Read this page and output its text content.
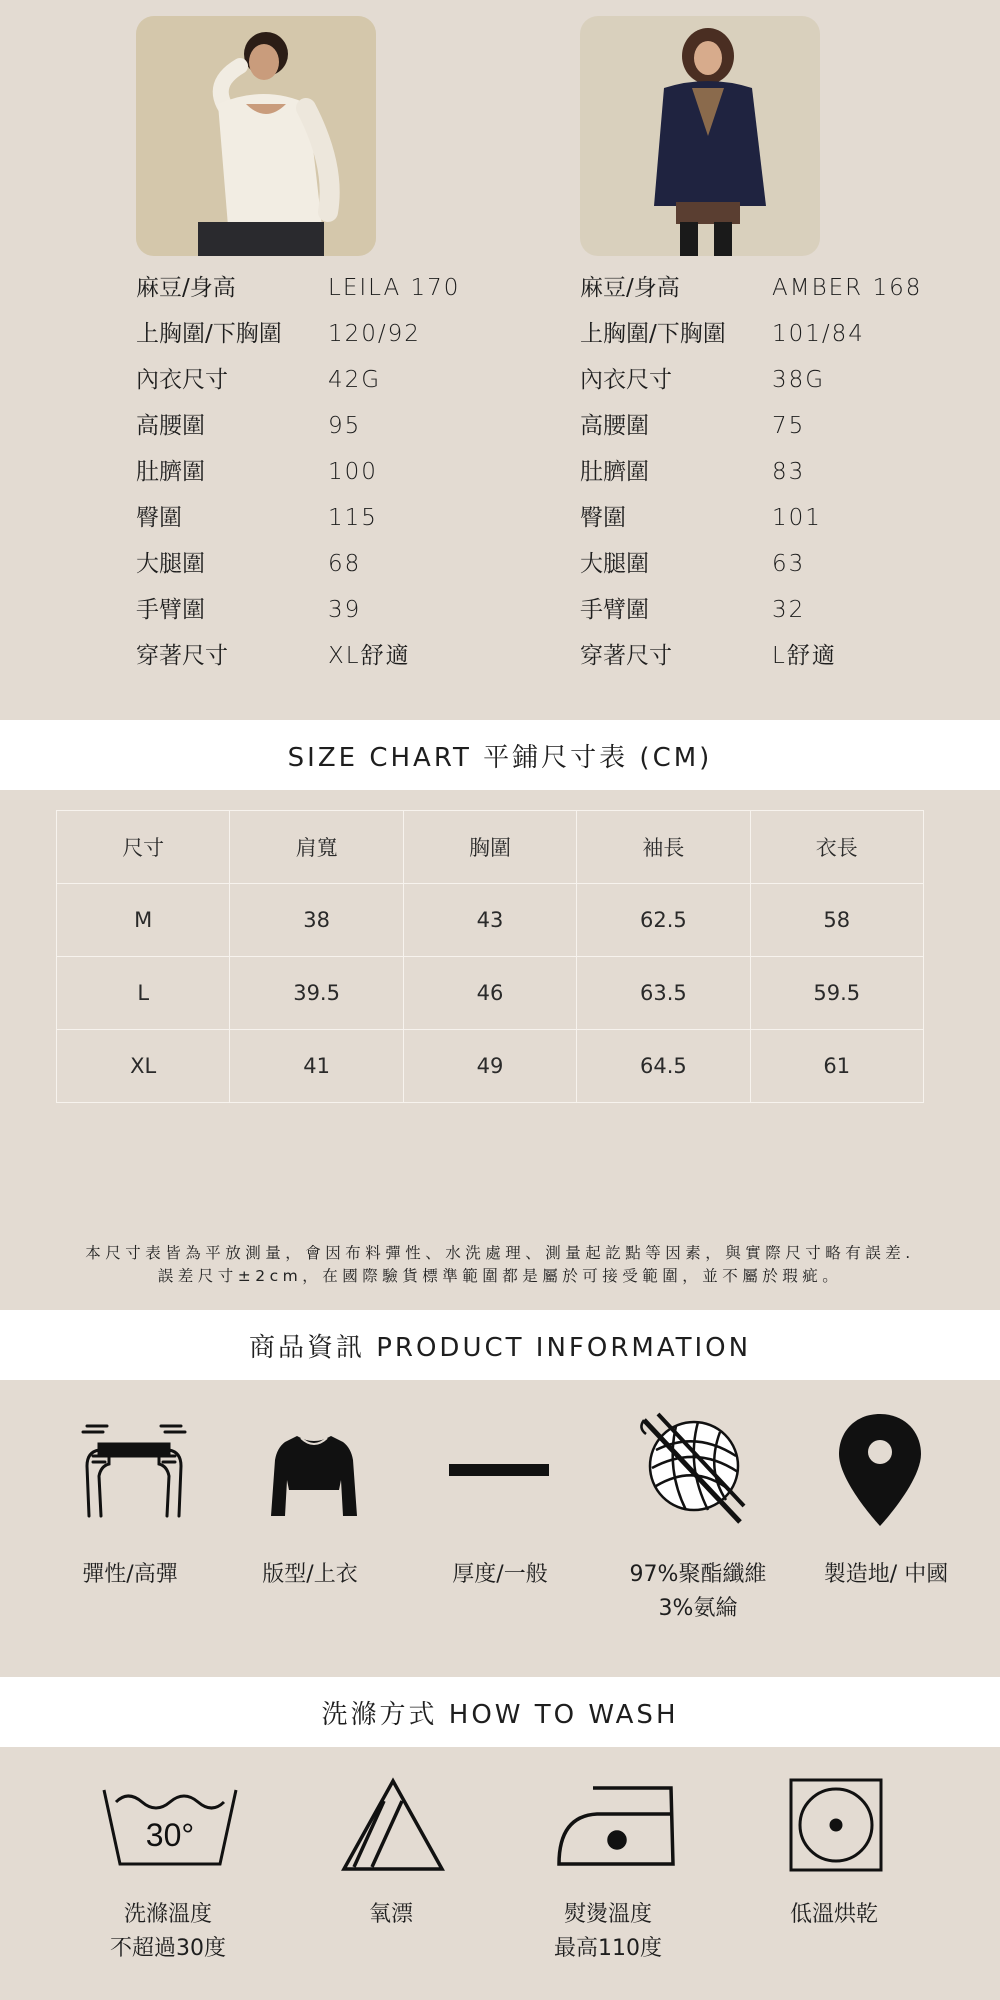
麻豆/身高	LEILA 170
上胸圍/下胸圍 120/92
內衣尺寸	42G
高腰圍	95
肚臍圍	100
臀圍	115
大腿圍	68
手臂圍	39
穿著尺寸	XL舒適
麻豆/身高	AMBER 168
上胸圍/下胸圍 101/84
內衣尺寸	38G
高腰圍	75
肚臍圍	83
臀圍	101
大腿圍	63
手臂圍	32
穿著尺寸	L舒適
SIZE CHART 平鋪尺寸表 (CM)
尺寸	肩寬	胸圍	袖長	衣長
M	38	43	62.5	58
L	39.5	46	63.5	59.5
XL	41	49	64.5	61
本尺寸表皆為平放測量，會因布料彈性、水洗處理、測量起訖點等因素，與實際尺寸略有誤差.
誤差尺寸±2cm，在國際驗貨標準範圍都是屬於可接受範圍，並不屬於瑕疵。
商品資訊 PRODUCT INFORMATION
彈性/高彈	版型/上衣	厚度/一般	97%聚酯纖維
3%氨綸
製造地/ 中國
洗滌方式 HOW TO WASH
30°
洗滌溫度
不超過30度
氧漂	熨燙溫度
最高110度
低溫烘乾
